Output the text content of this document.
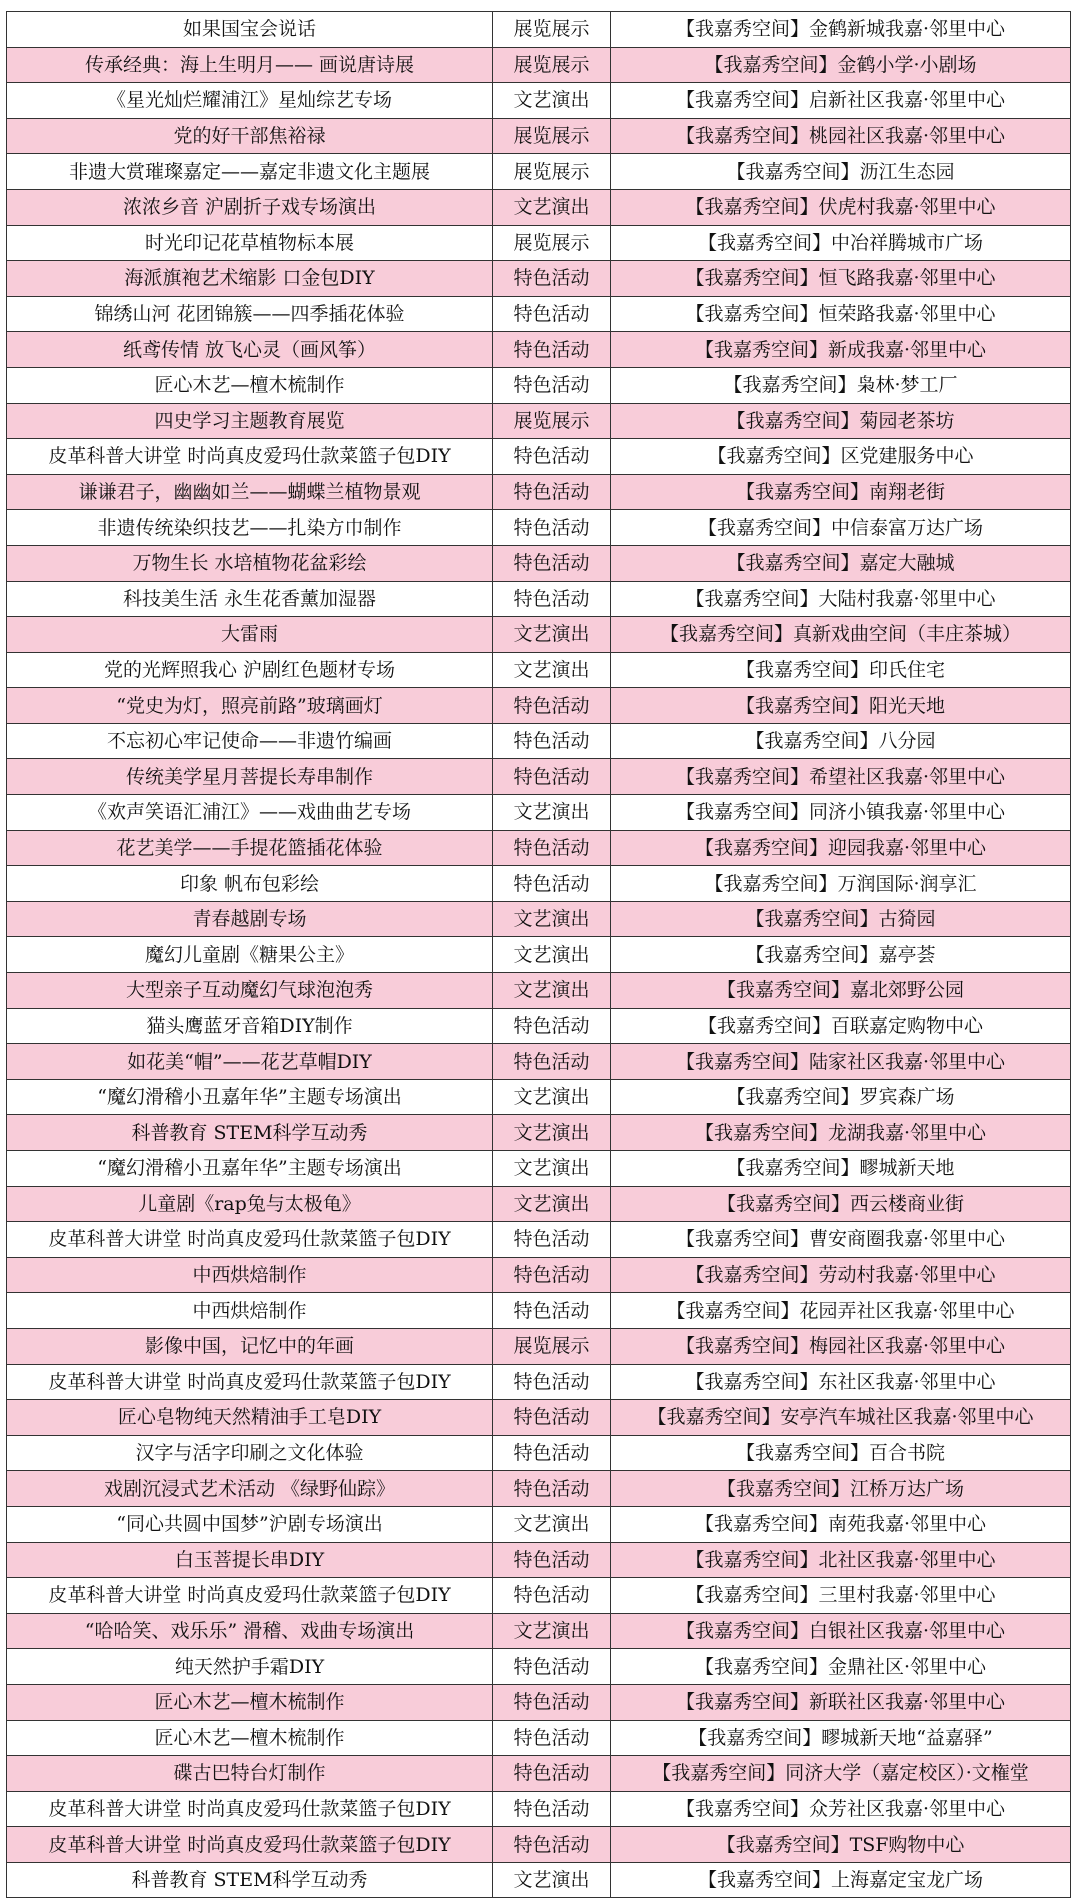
如果国宝会说话	展览展示	【我嘉秀空间】金鹤新城我嘉·邻里中心
传承经典：海上生明月—— 画说唐诗展	展览展示	【我嘉秀空间】金鹤小学·小剧场
《星光灿烂耀浦江》星灿综艺专场	文艺演出	【我嘉秀空间】启新社区我嘉·邻里中心
党的好干部焦裕禄	展览展示	【我嘉秀空间】桃园社区我嘉·邻里中心
非遗大赏璀璨嘉定——嘉定非遗文化主题展	展览展示	【我嘉秀空间】沥江生态园
浓浓乡音 沪剧折子戏专场演出	文艺演出	【我嘉秀空间】伏虎村我嘉·邻里中心
时光印记花草植物标本展	展览展示	【我嘉秀空间】中冶祥腾城市广场
海派旗袍艺术缩影 口金包DIY	特色活动	【我嘉秀空间】恒飞路我嘉·邻里中心
锦绣山河 花团锦簇——四季插花体验	特色活动	【我嘉秀空间】恒荣路我嘉·邻里中心
纸鸢传情 放飞心灵（画风筝）	特色活动	【我嘉秀空间】新成我嘉·邻里中心
匠心木艺—檀木梳制作	特色活动	【我嘉秀空间】枭林·梦工厂
四史学习主题教育展览	展览展示	【我嘉秀空间】菊园老茶坊
皮革科普大讲堂 时尚真皮爱玛仕款菜篮子包DIY	特色活动	【我嘉秀空间】区党建服务中心
谦谦君子，幽幽如兰——蝴蝶兰植物景观	特色活动	【我嘉秀空间】南翔老街
非遗传统染织技艺——扎染方巾制作	特色活动	【我嘉秀空间】中信泰富万达广场
万物生长 水培植物花盆彩绘	特色活动	【我嘉秀空间】嘉定大融城
科技美生活 永生花香薰加湿器	特色活动	【我嘉秀空间】大陆村我嘉·邻里中心
大雷雨	文艺演出	【我嘉秀空间】真新戏曲空间（丰庄茶城）
党的光辉照我心 沪剧红色题材专场	文艺演出	【我嘉秀空间】印氏住宅
“党史为灯，照亮前路”玻璃画灯	特色活动	【我嘉秀空间】阳光天地
不忘初心牢记使命——非遗竹编画	特色活动	【我嘉秀空间】八分园
传统美学星月菩提长寿串制作	特色活动	【我嘉秀空间】希望社区我嘉·邻里中心
《欢声笑语汇浦江》——戏曲曲艺专场	文艺演出	【我嘉秀空间】同济小镇我嘉·邻里中心
花艺美学——手提花篮插花体验	特色活动	【我嘉秀空间】迎园我嘉·邻里中心
印象 帆布包彩绘	特色活动	【我嘉秀空间】万润国际·润享汇
青春越剧专场	文艺演出	【我嘉秀空间】古猗园
魔幻儿童剧《糖果公主》	文艺演出	【我嘉秀空间】嘉亭荟
大型亲子互动魔幻气球泡泡秀	文艺演出	【我嘉秀空间】嘉北郊野公园
猫头鹰蓝牙音箱DIY制作	特色活动	【我嘉秀空间】百联嘉定购物中心
如花美“帽”——花艺草帽DIY	特色活动	【我嘉秀空间】陆家社区我嘉·邻里中心
“魔幻滑稽小丑嘉年华”主题专场演出	文艺演出	【我嘉秀空间】罗宾森广场
科普教育 STEM科学互动秀	文艺演出	【我嘉秀空间】龙湖我嘉·邻里中心
“魔幻滑稽小丑嘉年华”主题专场演出	文艺演出	【我嘉秀空间】疁城新天地
儿童剧《rap兔与太极龟》	文艺演出	【我嘉秀空间】西云楼商业街
皮革科普大讲堂 时尚真皮爱玛仕款菜篮子包DIY	特色活动	【我嘉秀空间】曹安商圈我嘉·邻里中心
中西烘焙制作	特色活动	【我嘉秀空间】劳动村我嘉·邻里中心
中西烘焙制作	特色活动	【我嘉秀空间】花园弄社区我嘉·邻里中心
影像中国，记忆中的年画	展览展示	【我嘉秀空间】梅园社区我嘉·邻里中心
皮革科普大讲堂 时尚真皮爱玛仕款菜篮子包DIY	特色活动	【我嘉秀空间】东社区我嘉·邻里中心
匠心皂物纯天然精油手工皂DIY	特色活动	【我嘉秀空间】安亭汽车城社区我嘉·邻里中心
汉字与活字印刷之文化体验	特色活动	【我嘉秀空间】百合书院
戏剧沉浸式艺术活动 《绿野仙踪》	特色活动	【我嘉秀空间】江桥万达广场
“同心共圆中国梦”沪剧专场演出	文艺演出	【我嘉秀空间】南苑我嘉·邻里中心
白玉菩提长串DIY	特色活动	【我嘉秀空间】北社区我嘉·邻里中心
皮革科普大讲堂 时尚真皮爱玛仕款菜篮子包DIY	特色活动	【我嘉秀空间】三里村我嘉·邻里中心
“哈哈笑、戏乐乐” 滑稽、戏曲专场演出	文艺演出	【我嘉秀空间】白银社区我嘉·邻里中心
纯天然护手霜DIY	特色活动	【我嘉秀空间】金鼎社区·邻里中心
匠心木艺—檀木梳制作	特色活动	【我嘉秀空间】新联社区我嘉·邻里中心
匠心木艺—檀木梳制作	特色活动	【我嘉秀空间】疁城新天地“益嘉驿”
碟古巴特台灯制作	特色活动	【我嘉秀空间】同济大学（嘉定校区）·文権堂
皮革科普大讲堂 时尚真皮爱玛仕款菜篮子包DIY	特色活动	【我嘉秀空间】众芳社区我嘉·邻里中心
皮革科普大讲堂 时尚真皮爱玛仕款菜篮子包DIY	特色活动	【我嘉秀空间】TSF购物中心
科普教育 STEM科学互动秀	文艺演出	【我嘉秀空间】上海嘉定宝龙广场
